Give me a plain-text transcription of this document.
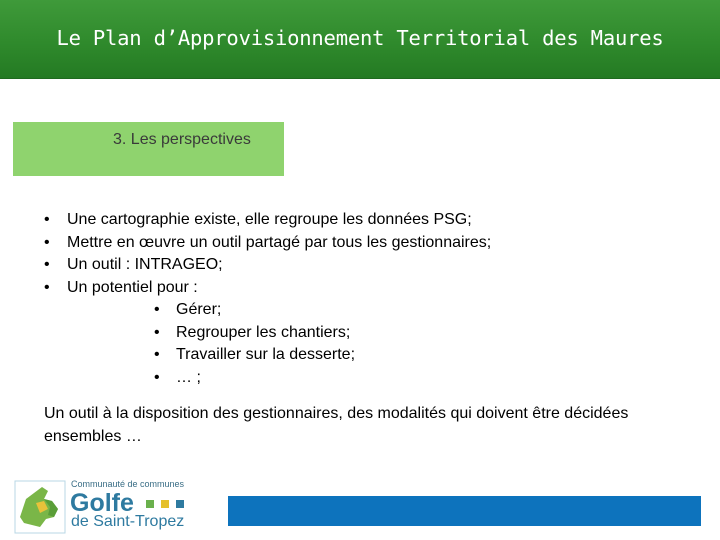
Le Plan d’Approvisionnement Territorial des Maures
3. Les perspectives
• Une cartographie existe, elle regroupe les données PSG;
• Mettre en œuvre un outil partagé par tous les gestionnaires;
• Un outil : INTRAGEO;
• Un potentiel pour :
• Gérer;
• Regrouper les chantiers;
• Travailler sur la desserte;
• … ;
Un outil à la disposition des gestionnaires, des modalités qui doivent être décidées ensembles …
Communauté de communes
Golfe
de Saint-Tropez
